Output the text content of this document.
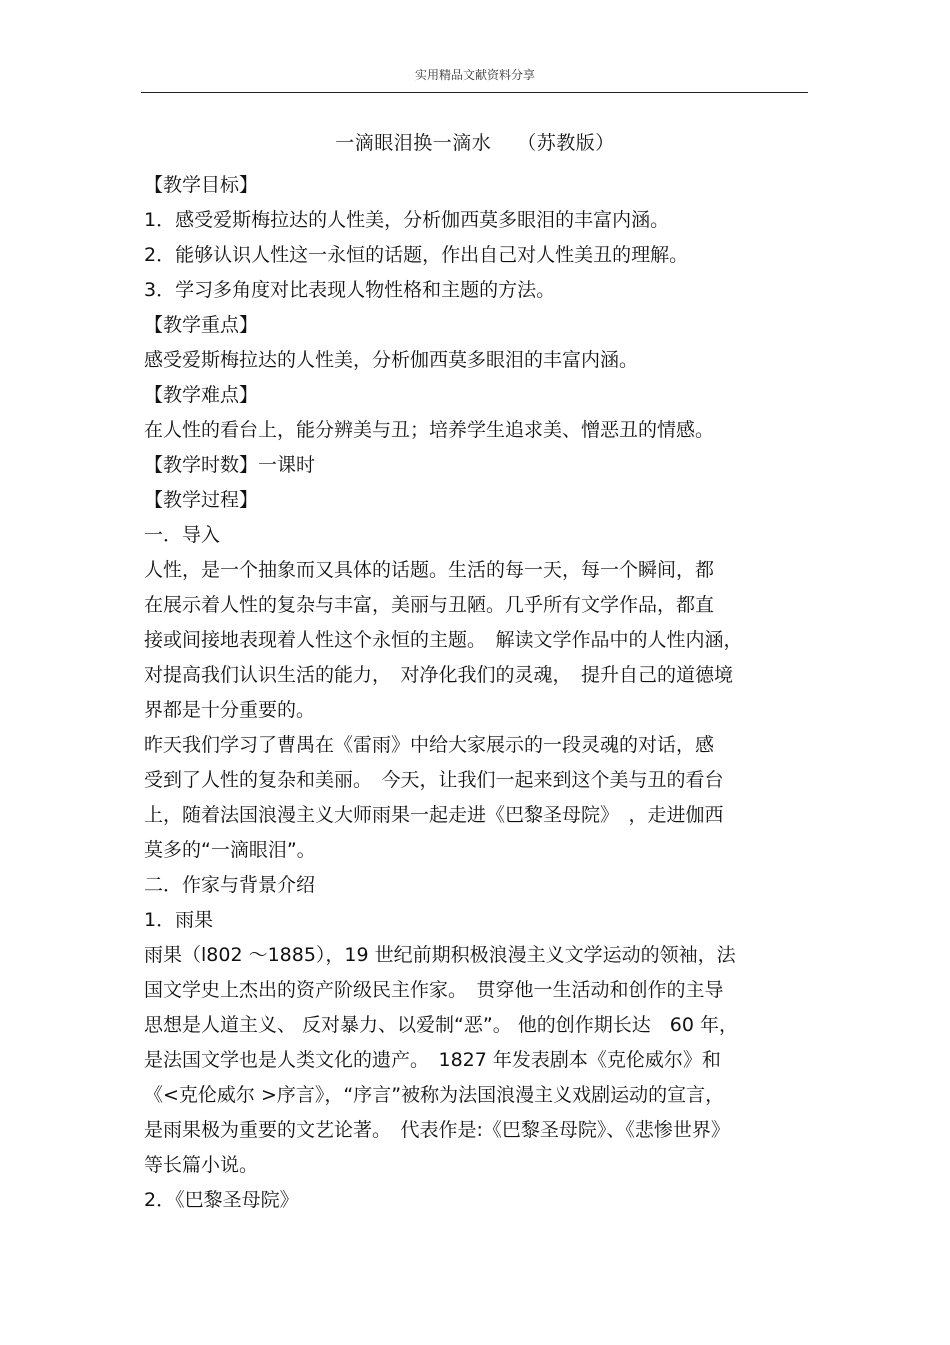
实用精品文献资料分享
一滴眼泪换一滴水　 （苏教版）
【教学目标】
1．感受爱斯梅拉达的人性美，分析伽西莫多眼泪的丰富内涵。
2．能够认识人性这一永恒的话题，作出自己对人性美丑的理解。
3．学习多角度对比表现人物性格和主题的方法。
【教学重点】
感受爱斯梅拉达的人性美，分析伽西莫多眼泪的丰富内涵。
【教学难点】
在人性的看台上，能分辨美与丑；培养学生追求美、憎恶丑的情感。
【教学时数】一课时
【教学过程】
一．导入
人性，是一个抽象而又具体的话题。生活的每一天，每一个瞬间，都
在展示着人性的复杂与丰富，美丽与丑陋。几乎所有文学作品，都直
接或间接地表现着人性这个永恒的主题。　解读文学作品中的人性内涵，
对提高我们认识生活的能力，　对净化我们的灵魂，　提升自己的道德境
界都是十分重要的。
昨天我们学习了曹禺在《雷雨》中给大家展示的一段灵魂的对话，感
受到了人性的复杂和美丽。　今天，让我们一起来到这个美与丑的看台
上，随着法国浪漫主义大师雨果一起走进《巴黎圣母院》　，走进伽西
莫多的“一滴眼泪”。
二．作家与背景介绍
1．雨果
雨果（l802 ～1885），19 世纪前期积极浪漫主义文学运动的领袖，法
国文学史上杰出的资产阶级民主作家。　贯穿他一生活动和创作的主导
思想是人道主义、 反对暴力、以爱制“恶”。 他的创作期长达　60 年，
是法国文学也是人类文化的遗产。　1827 年发表剧本《克伦威尔》和
《<克伦威尔 >序言》，“序言”被称为法国浪漫主义戏剧运动的宣言，
是雨果极为重要的文艺论著。　代表作是:《巴黎圣母院》、《悲惨世界》
等长篇小说。
2．《巴黎圣母院》
